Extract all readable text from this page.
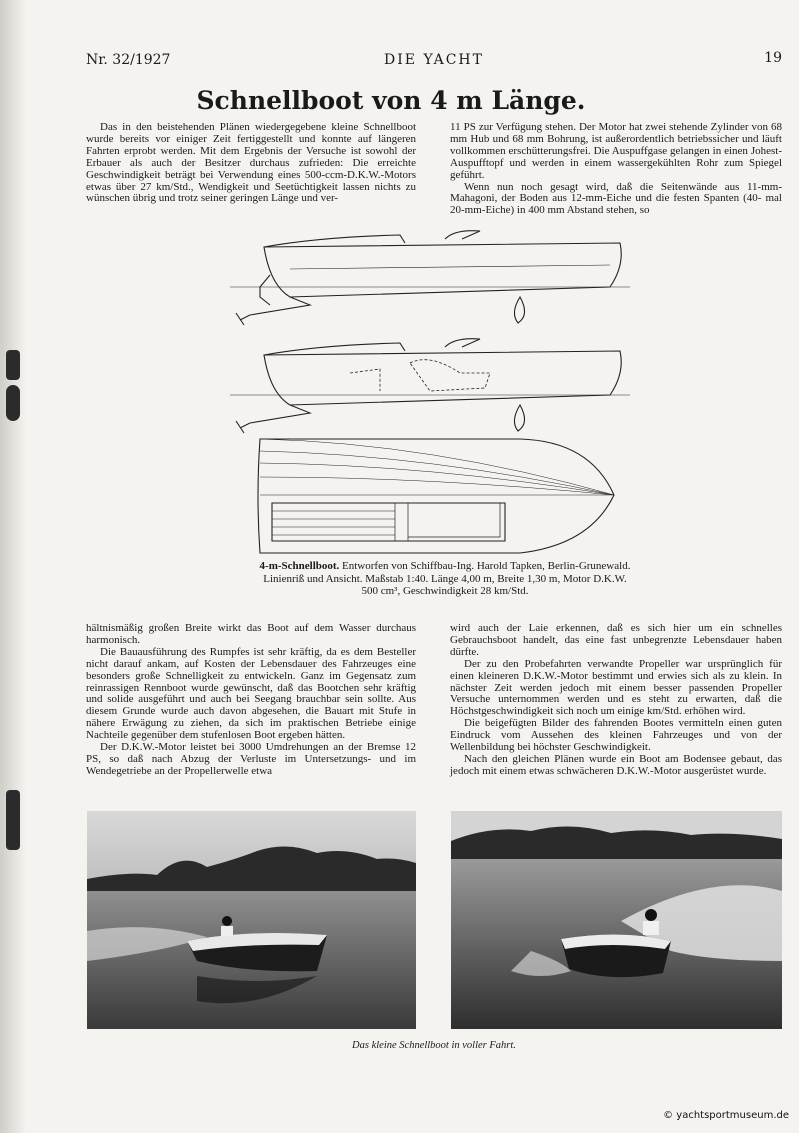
Nr. 32/1927	DIE YACHT	19
Schnellboot von 4 m Länge.

Das in den beistehenden Plänen wiedergegebene kleine Schnellboot wurde bereits vor einiger Zeit fertiggestellt und konnte auf längeren Fahrten erprobt werden. Mit dem Ergebnis der Versuche ist sowohl der Erbauer als auch der Besitzer durchaus zufrieden: Die erreichte Geschwindigkeit beträgt bei Verwendung eines 500-ccm-D.K.W.-Motors etwas über 27 km/Std., Wendigkeit und Seetüchtigkeit lassen nichts zu wünschen übrig und trotz seiner geringen Länge und ver-

11 PS zur Verfügung stehen. Der Motor hat zwei stehende Zylinder von 68 mm Hub und 68 mm Bohrung, ist außerordentlich betriebssicher und läuft vollkommen erschütterungsfrei. Die Auspuffgase gelangen in einen Johest-Auspufftopf und werden in einem wassergekühlten Rohr zum Spiegel geführt.

Wenn nun noch gesagt wird, daß die Seitenwände aus 11-mm-Mahagoni, der Boden aus 12-mm-Eiche und die festen Spanten (40- mal 20-mm-Eiche) in 400 mm Abstand stehen, so

4-m-Schnellboot. Entworfen von Schiffbau-Ing. Harold Tapken, Berlin-Grunewald. Linienriß und Ansicht. Maßstab 1:40. Länge 4,00 m, Breite 1,30 m, Motor D.K.W. 500 cm³, Geschwindigkeit 28 km/Std.

hältnismäßig großen Breite wirkt das Boot auf dem Wasser durchaus harmonisch.

Die Bauausführung des Rumpfes ist sehr kräftig, da es dem Besteller nicht darauf ankam, auf Kosten der Lebensdauer des Fahrzeuges eine besonders große Schnelligkeit zu entwickeln. Ganz im Gegensatz zum reinrassigen Rennboot wurde gewünscht, daß das Bootchen sehr kräftig und solide ausgeführt und auch bei Seegang brauchbar sein sollte. Aus diesem Grunde wurde auch davon abgesehen, die Bauart mit Stufe in nähere Erwägung zu ziehen, da sich im praktischen Betriebe einige Nachteile gegenüber dem stufenlosen Boot ergeben hätten.

Der D.K.W.-Motor leistet bei 3000 Umdrehungen an der Bremse 12 PS, so daß nach Abzug der Verluste im Untersetzungs- und im Wendegetriebe an der Propellerwelle etwa

wird auch der Laie erkennen, daß es sich hier um ein schnelles Gebrauchsboot handelt, das eine fast unbegrenzte Lebensdauer haben dürfte.

Der zu den Probefahrten verwandte Propeller war ursprünglich für einen kleineren D.K.W.-Motor bestimmt und erwies sich als zu klein. In nächster Zeit werden jedoch mit einem besser passenden Propeller Versuche unternommen werden und es steht zu erwarten, daß die Höchstgeschwindigkeit sich noch um einige km/Std. erhöhen wird.

Die beigefügten Bilder des fahrenden Bootes vermitteln einen guten Eindruck vom Aussehen des kleinen Fahrzeuges und von der Wellenbildung bei höchster Geschwindigkeit.

Nach den gleichen Plänen wurde ein Boot am Bodensee gebaut, das jedoch mit einem etwas schwächeren D.K.W.-Motor ausgerüstet wurde.

Das kleine Schnellboot in voller Fahrt.
© yachtsportmuseum.de
